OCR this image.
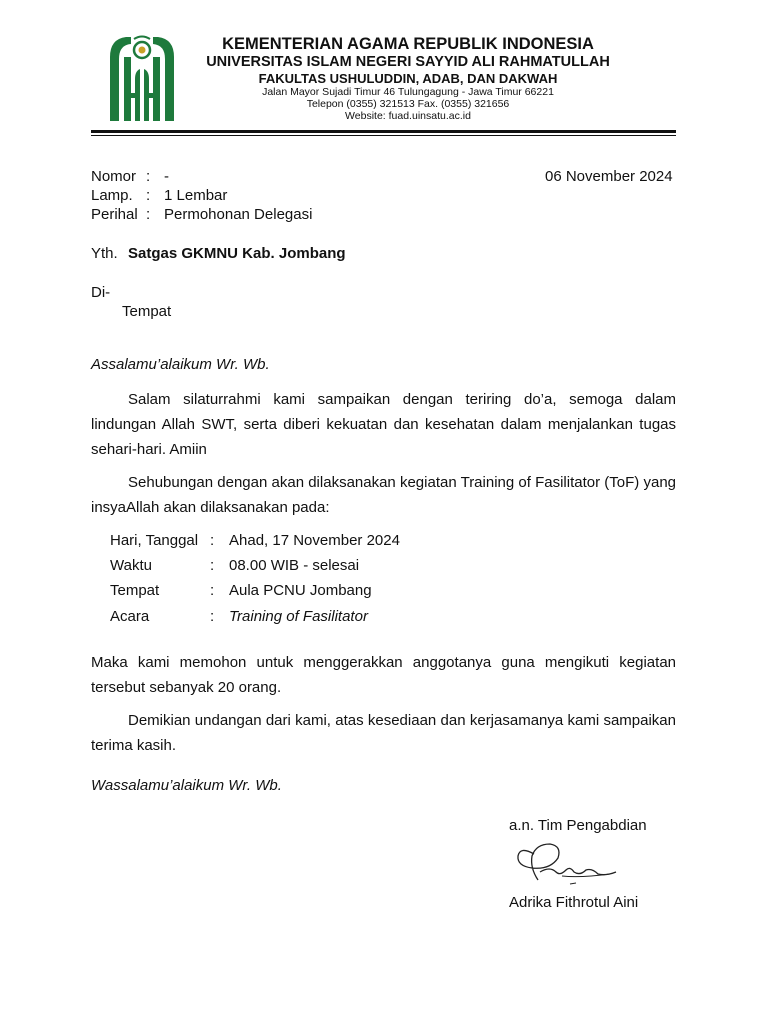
KEMENTERIAN AGAMA REPUBLIK INDONESIA
UNIVERSITAS ISLAM NEGERI SAYYID ALI RAHMATULLAH
FAKULTAS USHULUDDIN, ADAB, DAN DAKWAH
Jalan Mayor Sujadi Timur 46 Tulungagung - Jawa Timur 66221
Telepon (0355) 321513 Fax. (0355) 321656
Website: fuad.uinsatu.ac.id
Nomor : -	06 November 2024
Lamp. : 1 Lembar
Perihal : Permohonan Delegasi
Yth. Satgas GKMNU Kab. Jombang
Di-
Tempat
Assalamu’alaikum Wr. Wb.
Salam silaturrahmi kami sampaikan dengan teriring do’a, semoga dalam lindungan Allah SWT, serta diberi kekuatan dan kesehatan dalam menjalankan tugas sehari-hari. Amiin
Sehubungan dengan akan dilaksanakan kegiatan Training of Fasilitator (ToF) yang insyaAllah akan dilaksanakan pada:
Hari, Tanggal : Ahad, 17 November 2024
Waktu	: 08.00 WIB - selesai
Tempat	: Aula PCNU Jombang
Acara	: Training of Fasilitator
Maka kami memohon untuk menggerakkan anggotanya guna mengikuti kegiatan tersebut sebanyak 20 orang.
Demikian undangan dari kami, atas kesediaan dan kerjasamanya kami sampaikan terima kasih.
Wassalamu’alaikum Wr. Wb.
a.n. Tim Pengabdian
Adrika Fithrotul Aini
